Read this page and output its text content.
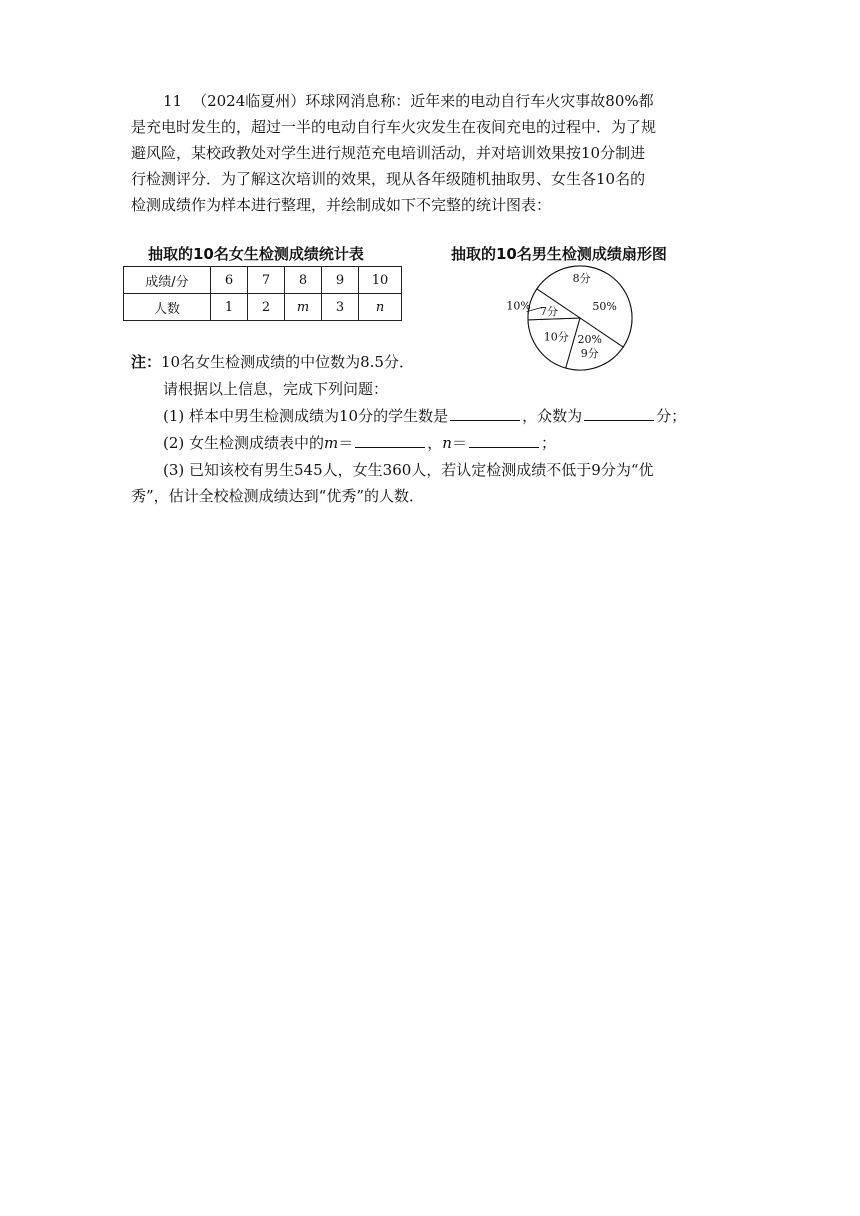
11 （2024临夏州）环球网消息称：近年来的电动自行车火灾事故80%都
是充电时发生的，超过一半的电动自行车火灾发生在夜间充电的过程中．为了规
避风险，某校政教处对学生进行规范充电培训活动，并对培训效果按10分制进
行检测评分．为了解这次培训的效果，现从各年级随机抽取男、女生各10名的
检测成绩作为样本进行整理，并绘制成如下不完整的统计图表：
抽取的10名女生检测成绩统计表	抽取的10名男生检测成绩扇形图
成绩/分	6	7	8	9	10
人数	1	2	m	3	n
8分
50%
9分
20%
10分
7分
10%
注：10名女生检测成绩的中位数为8.5分．
请根据以上信息，完成下列问题：
(1) 样本中男生检测成绩为10分的学生数是	，众数为	分；
(2) 女生检测成绩表中的m＝	，n＝	；
(3) 已知该校有男生545人，女生360人，若认定检测成绩不低于9分为“优
秀”，估计全校检测成绩达到“优秀”的人数．
